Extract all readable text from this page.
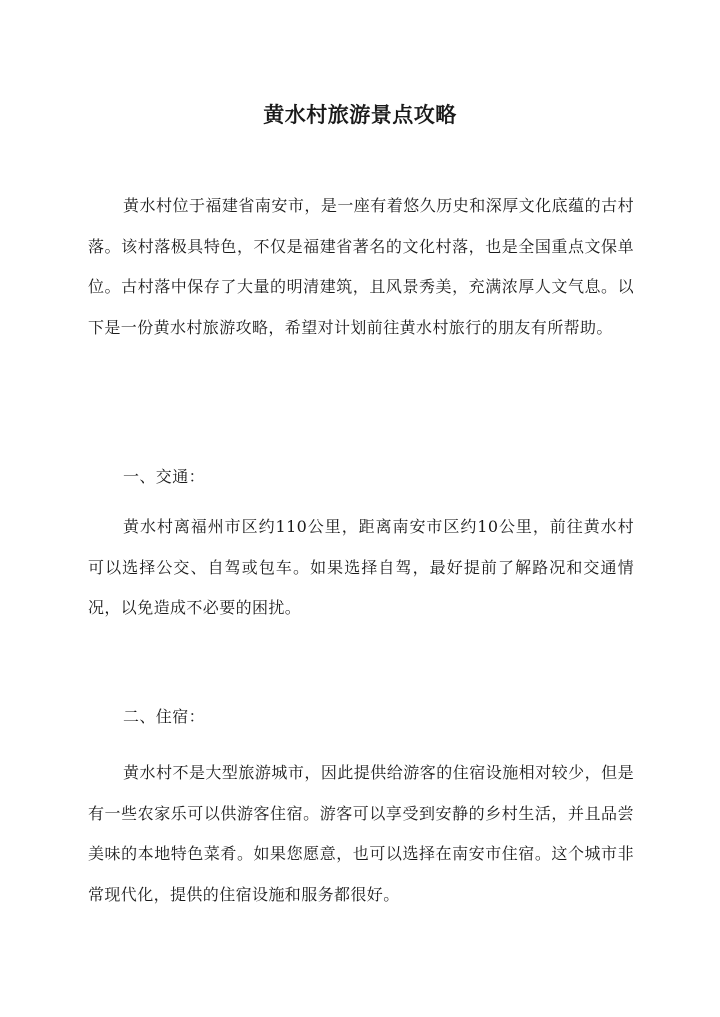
黄水村旅游景点攻略

黄水村位于福建省南安市，是一座有着悠久历史和深厚文化底蕴的古村落。该村落极具特色，不仅是福建省著名的文化村落，也是全国重点文保单位。古村落中保存了大量的明清建筑，且风景秀美，充满浓厚人文气息。以下是一份黄水村旅游攻略，希望对计划前往黄水村旅行的朋友有所帮助。

一、交通：

黄水村离福州市区约110公里，距离南安市区约10公里，前往黄水村可以选择公交、自驾或包车。如果选择自驾，最好提前了解路况和交通情况，以免造成不必要的困扰。

二、住宿：

黄水村不是大型旅游城市，因此提供给游客的住宿设施相对较少，但是有一些农家乐可以供游客住宿。游客可以享受到安静的乡村生活，并且品尝美味的本地特色菜肴。如果您愿意，也可以选择在南安市住宿。这个城市非常现代化，提供的住宿设施和服务都很好。
